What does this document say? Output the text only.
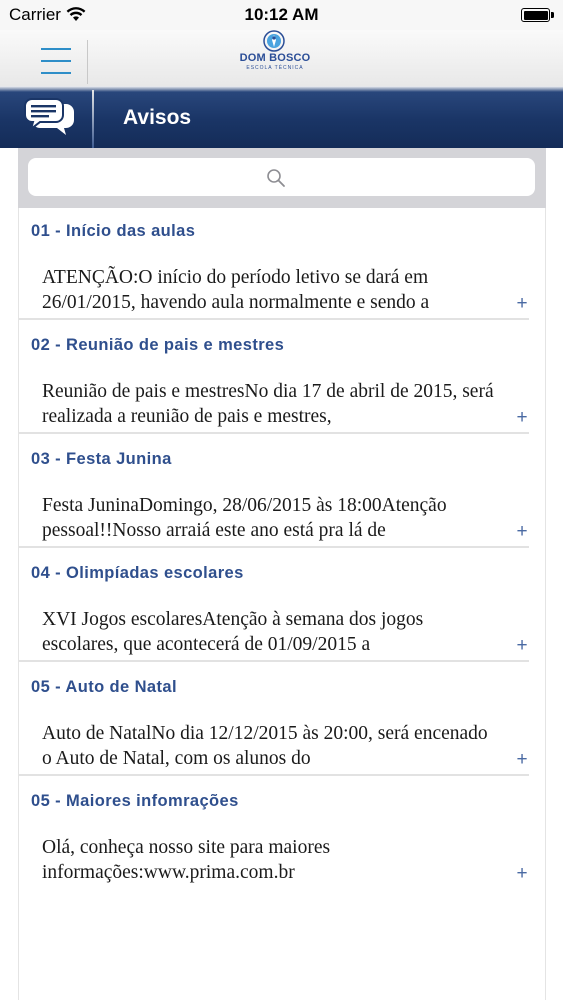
Carrier	10:12 AM
DOM BOSCO
ESCOLA TÉCNICA
Avisos
01 - Início das aulas
ATENÇÃO:O início do período letivo se dará em 26/01/2015, havendo aula normalmente e sendo a	+
02 - Reunião de pais e mestres
Reunião de pais e mestresNo dia 17 de abril de 2015, será realizada a reunião de pais e mestres,	+
03 - Festa Junina
Festa JuninaDomingo, 28/06/2015 às 18:00Atenção pessoal!!Nosso arraiá este ano está pra lá de	+
04 - Olimpíadas escolares
XVI Jogos escolaresAtenção à semana dos jogos escolares, que acontecerá de 01/09/2015 a	+
05 - Auto de Natal
Auto de NatalNo dia 12/12/2015 às 20:00, será encenado o Auto de Natal, com os alunos do	+
05 - Maiores infomrações
Olá, conheça nosso site para maiores informações:www.prima.com.br	+
